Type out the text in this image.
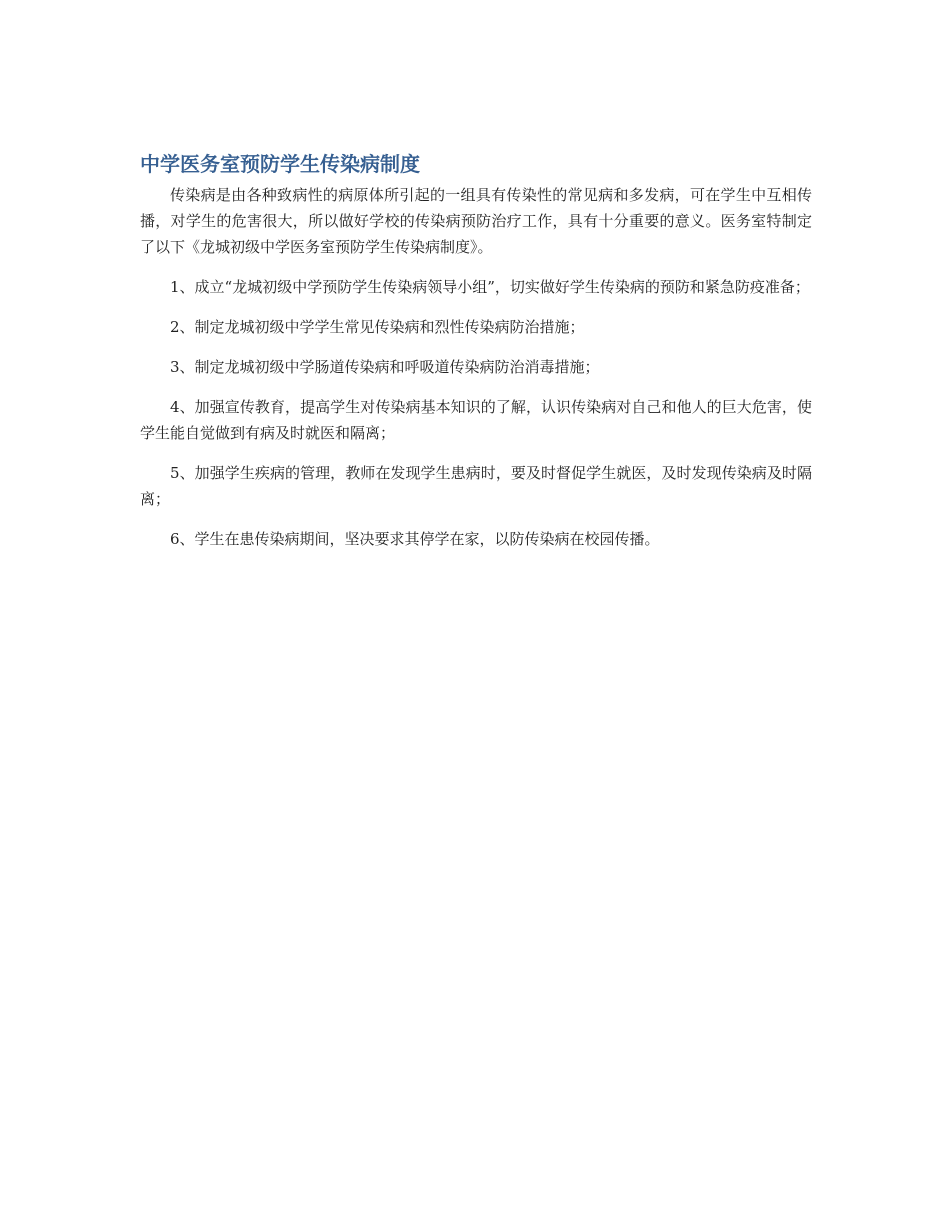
中学医务室预防学生传染病制度

传染病是由各种致病性的病原体所引起的一组具有传染性的常见病和多发病，可在学生中互相传播，对学生的危害很大，所以做好学校的传染病预防治疗工作，具有十分重要的意义。医务室特制定了以下《龙城初级中学医务室预防学生传染病制度》。

1、成立“龙城初级中学预防学生传染病领导小组”，切实做好学生传染病的预防和紧急防疫准备；

2、制定龙城初级中学学生常见传染病和烈性传染病防治措施；

3、制定龙城初级中学肠道传染病和呼吸道传染病防治消毒措施；

4、加强宣传教育，提高学生对传染病基本知识的了解，认识传染病对自己和他人的巨大危害，使学生能自觉做到有病及时就医和隔离；

5、加强学生疾病的管理，教师在发现学生患病时，要及时督促学生就医，及时发现传染病及时隔离；

6、学生在患传染病期间，坚决要求其停学在家，以防传染病在校园传播。
